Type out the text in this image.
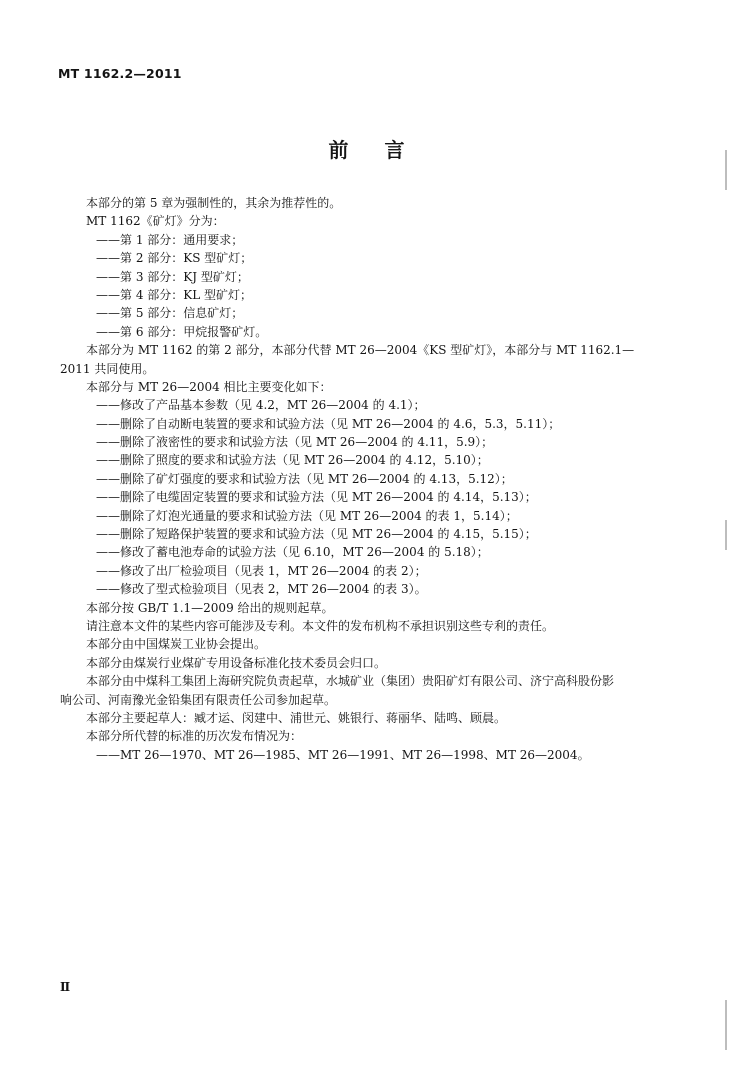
MT 1162.2—2011
前 言
本部分的第 5 章为强制性的，其余为推荐性的。
MT 1162《矿灯》分为：
——第 1 部分：通用要求；
——第 2 部分：KS 型矿灯；
——第 3 部分：KJ 型矿灯；
——第 4 部分：KL 型矿灯；
——第 5 部分：信息矿灯；
——第 6 部分：甲烷报警矿灯。
本部分为 MT 1162 的第 2 部分，本部分代替 MT 26—2004《KS 型矿灯》，本部分与 MT 1162.1—
2011 共同使用。
本部分与 MT 26—2004 相比主要变化如下：
——修改了产品基本参数（见 4.2，MT 26—2004 的 4.1）；
——删除了自动断电装置的要求和试验方法（见 MT 26—2004 的 4.6，5.3，5.11）；
——删除了液密性的要求和试验方法（见 MT 26—2004 的 4.11，5.9）；
——删除了照度的要求和试验方法（见 MT 26—2004 的 4.12，5.10）；
——删除了矿灯强度的要求和试验方法（见 MT 26—2004 的 4.13，5.12）；
——删除了电缆固定装置的要求和试验方法（见 MT 26—2004 的 4.14，5.13）；
——删除了灯泡光通量的要求和试验方法（见 MT 26—2004 的表 1，5.14）；
——删除了短路保护装置的要求和试验方法（见 MT 26—2004 的 4.15，5.15）；
——修改了蓄电池寿命的试验方法（见 6.10，MT 26—2004 的 5.18）；
——修改了出厂检验项目（见表 1，MT 26—2004 的表 2）；
——修改了型式检验项目（见表 2，MT 26—2004 的表 3）。
本部分按 GB/T 1.1—2009 给出的规则起草。
请注意本文件的某些内容可能涉及专利。本文件的发布机构不承担识别这些专利的责任。
本部分由中国煤炭工业协会提出。
本部分由煤炭行业煤矿专用设备标准化技术委员会归口。
本部分由中煤科工集团上海研究院负责起草，水城矿业（集团）贵阳矿灯有限公司、济宁高科股份影
响公司、河南豫光金铅集团有限责任公司参加起草。
本部分主要起草人：臧才运、闵建中、浦世元、姚银行、蒋丽华、陆鸣、顾晨。
本部分所代替的标准的历次发布情况为：
——MT 26—1970、MT 26—1985、MT 26—1991、MT 26—1998、MT 26—2004。
Ⅱ
